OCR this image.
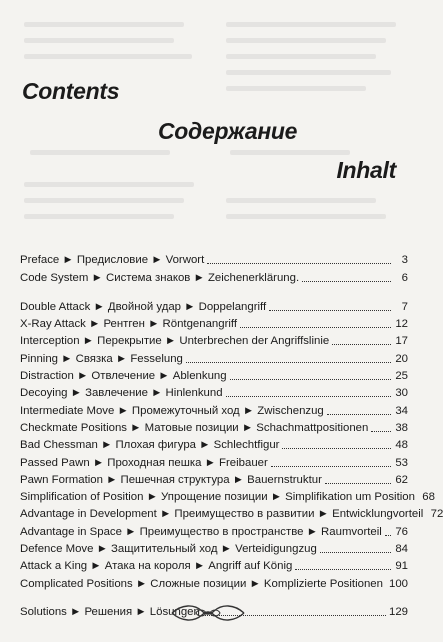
Contents
Содержание
Inhalt
Preface ► Предисловие ► Vorwort	3
Code System ► Система знаков ► Zeichenerklärung.	6
Double Attack ► Двойной удар ► Doppelangriff	7
X-Ray Attack ► Рентген ► Röntgenangriff	12
Interception ► Перекрытие ► Unterbrechen der Angriffslinie	17
Pinning ► Связка ► Fesselung	20
Distraction ► Отвлечение ► Ablenkung	25
Decoying ► Завлечение ► Hinlenkund	30
Intermediate Move ► Промежуточный ход ► Zwischenzug	34
Checkmate Positions ► Матовые позиции ► Schachmattpositionen 38
Bad Chessman ► Плохая фигура ► Schlechtfigur	48
Passed Pawn ► Проходная пешка ► Freibauer	53
Pawn Formation ► Пешечная структура ► Bauernstruktur	62
Simplification of Position ► Упрощение позиции ► Simplifikation um Position 68
Advantage in Development ► Преимущество в развитии ► Entwicklungvorteil 72
Advantage in Space ► Преимущество в пространстве ► Raumvorteil 76
Defence Move ► Защитительный ход ► Verteidigungzug	84
Attack a King ► Атака на короля ► Angriff auf König	91
Complicated Positions ► Сложные позиции ► Komplizierte Positionen 100
Solutions ► Решения ► Lösungen	129
